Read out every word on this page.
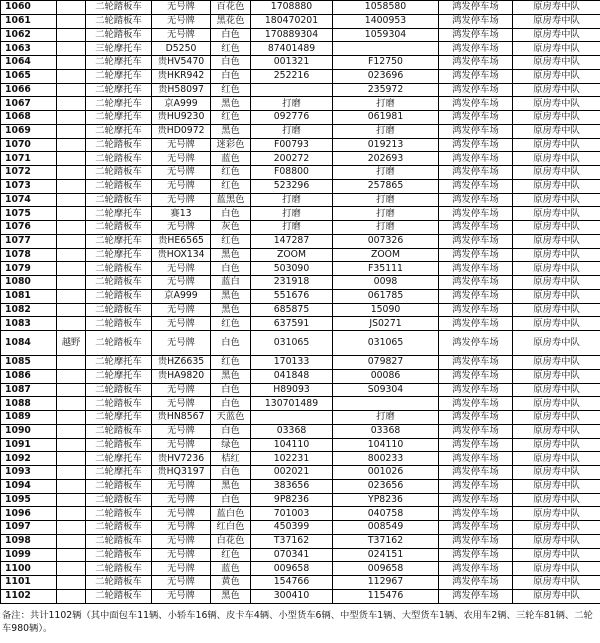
1060		二轮踏板车	无号牌	百花色	1708880	1058580	鸿发停车场	原房寿中队
1061		二轮踏板车	无号牌	黑花色	180470201	1400953	鸿发停车场	原房寿中队
1062		二轮踏板车	无号牌	白色	170889304	1059304	鸿发停车场	原房寿中队
1063		三轮摩托车	D5250	红色	87401489		鸿发停车场	原房寿中队
1064		二轮摩托车	贵HV5470	白色	001321	F12750	鸿发停车场	原房寿中队
1065		二轮摩托车	贵HKR942	白色	252216	023696	鸿发停车场	原房寿中队
1066		二轮摩托车	贵H58097	红色		235972	鸿发停车场	原房寿中队
1067		二轮摩托车	京A999	黑色	打磨	打磨	鸿发停车场	原房寿中队
1068		二轮摩托车	贵HU9230	红色	092776	061981	鸿发停车场	原房寿中队
1069		二轮摩托车	贵HD0972	黑色	打磨	打磨	鸿发停车场	原房寿中队
1070		二轮踏板车	无号牌	迷彩色	F00793	019213	鸿发停车场	原房寿中队
1071		二轮踏板车	无号牌	蓝色	200272	202693	鸿发停车场	原房寿中队
1072		二轮踏板车	无号牌	红色	F08800	打磨	鸿发停车场	原房寿中队
1073		二轮踏板车	无号牌	红色	523296	257865	鸿发停车场	原房寿中队
1074		二轮踏板车	无号牌	蓝黑色	打磨	打磨	鸿发停车场	原房寿中队
1075		二轮摩托车	赛13	白色	打磨	打磨	鸿发停车场	原房寿中队
1076		二轮踏板车	无号牌	灰色	打磨	打磨	鸿发停车场	原房寿中队
1077		二轮摩托车	贵HE6565	红色	147287	007326	鸿发停车场	原房寿中队
1078		二轮摩托车	贵HOX134	黑色	ZOOM	ZOOM	鸿发停车场	原房寿中队
1079		二轮踏板车	无号牌	白色	503090	F35111	鸿发停车场	原房寿中队
1080		二轮踏板车	无号牌	蓝白	231918	0098	鸿发停车场	原房寿中队
1081		二轮踏板车	京A999	黑色	551676	061785	鸿发停车场	原房寿中队
1082		二轮踏板车	无号牌	黑色	685875	15090	鸿发停车场	原房寿中队
1083		二轮踏板车	无号牌	红色	637591	JS0271	鸿发停车场	原房寿中队
1084	越野	二轮踏板车	无号牌	白色	031065	031065	鸿发停车场	原房寿中队
1085		二轮摩托车	贵HZ6635	红色	170133	079827	鸿发停车场	原房寿中队
1086		二轮摩托车	贵HA9820	黑色	041848	00086	鸿发停车场	原房寿中队
1087		二轮踏板车	无号牌	白色	H89093	S09304	鸿发停车场	原房寿中队
1088		二轮踏板车	无号牌	白色	130701489		鸿发停车场	原房寿中队
1089		二轮摩托车	贵HN8567	天蓝色		打磨	鸿发停车场	原房寿中队
1090		二轮踏板车	无号牌	白色	03368	03368	鸿发停车场	原房寿中队
1091		二轮踏板车	无号牌	绿色	104110	104110	鸿发停车场	原房寿中队
1092		二轮摩托车	贵HV7236	桔红	102231	800233	鸿发停车场	原房寿中队
1093		二轮摩托车	贵HQ3197	白色	002021	001026	鸿发停车场	原房寿中队
1094		二轮踏板车	无号牌	黑色	383656	023656	鸿发停车场	原房寿中队
1095		二轮踏板车	无号牌	白色	9P8236	YP8236	鸿发停车场	原房寿中队
1096		二轮踏板车	无号牌	蓝白色	701003	040758	鸿发停车场	原房寿中队
1097		二轮踏板车	无号牌	红白色	450399	008549	鸿发停车场	原房寿中队
1098		二轮踏板车	无号牌	白花色	T37162	T37162	鸿发停车场	原房寿中队
1099		二轮踏板车	无号牌	红色	070341	024151	鸿发停车场	原房寿中队
1100		二轮踏板车	无号牌	蓝色	009658	009658	鸿发停车场	原房寿中队
1101		二轮踏板车	无号牌	黄色	154766	112967	鸿发停车场	原房寿中队
1102		二轮踏板车	无号牌	黑色	300410	115476	鸿发停车场	原房寿中队
备注：共计1102辆（其中面包车11辆、小轿车16辆、皮卡车4辆、小型货车6辆、中型货车1辆、大型货车1辆、农用车2辆、三轮车81辆、二轮车980辆）。
